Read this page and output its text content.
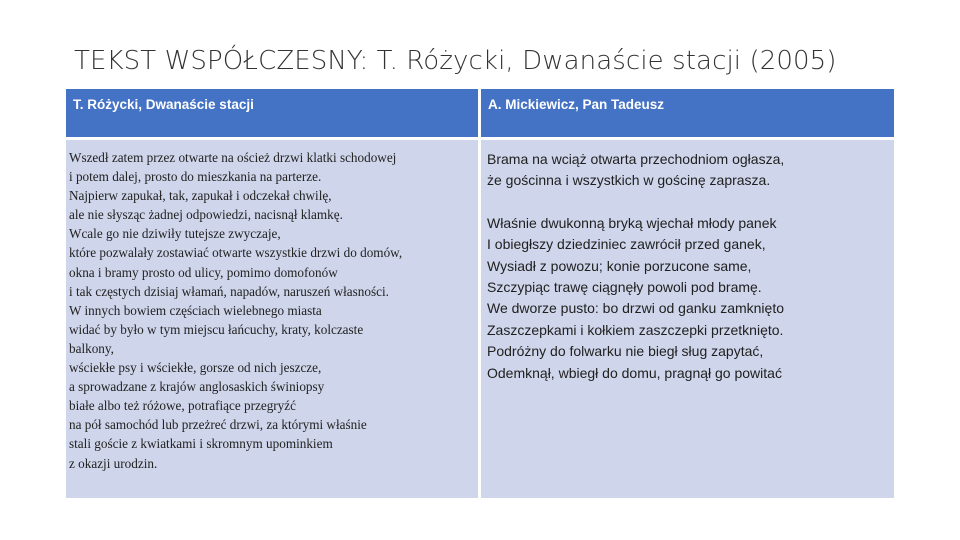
TEKST WSPÓŁCZESNY: T. Różycki, Dwanaście stacji (2005)
T. Różycki, Dwanaście stacji	A. Mickiewicz, Pan Tadeusz
Wszedł zatem przez otwarte na oścież drzwi klatki schodowej
i potem dalej, prosto do mieszkania na parterze.
Najpierw zapukał, tak, zapukał i odczekał chwilę,
ale nie słysząc żadnej odpowiedzi, nacisnął klamkę.
Wcale go nie dziwiły tutejsze zwyczaje,
które pozwalały zostawiać otwarte wszystkie drzwi do domów,
okna i bramy prosto od ulicy, pomimo domofonów
i tak częstych dzisiaj włamań, napadów, naruszeń własności.
W innych bowiem częściach wielebnego miasta
widać by było w tym miejscu łańcuchy, kraty, kolczaste
balkony,
wściekłe psy i wściekłe, gorsze od nich jeszcze,
a sprowadzane z krajów anglosaskich świniopsy
białe albo też różowe, potrafiące przegryźć
na pół samochód lub przeżreć drzwi, za którymi właśnie
stali goście z kwiatkami i skromnym upominkiem
z okazji urodzin.
Brama na wciąż otwarta przechodniom ogłasza,
że gościnna i wszystkich w gościnę zaprasza.
Właśnie dwukonną bryką wjechał młody panek
I obiegłszy dziedziniec zawrócił przed ganek,
Wysiadł z powozu; konie porzucone same,
Szczypiąc trawę ciągnęły powoli pod bramę.
We dworze pusto: bo drzwi od ganku zamknięto
Zaszczepkami i kołkiem zaszczepki przetknięto.
Podróżny do folwarku nie biegł sług zapytać,
Odemknął, wbiegł do domu, pragnął go powitać
